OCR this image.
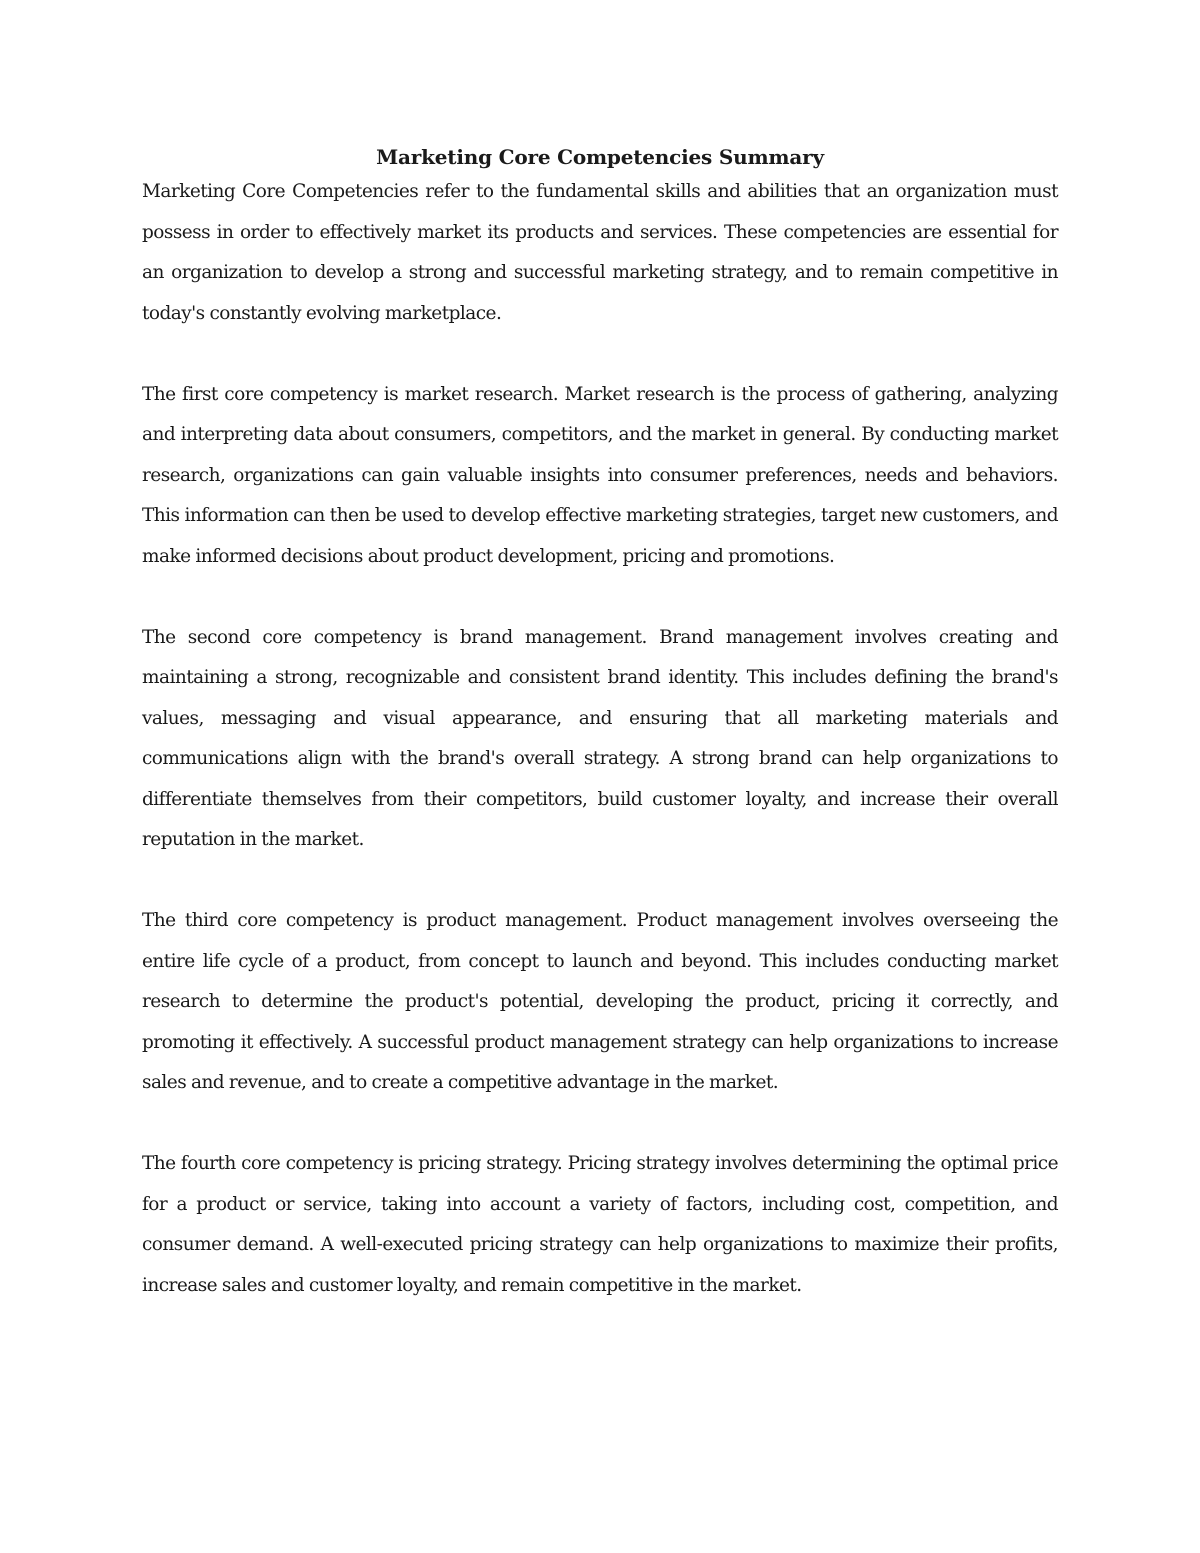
Marketing Core Competencies Summary

Marketing Core Competencies refer to the fundamental skills and abilities that an organization must possess in order to effectively market its products and services. These competencies are essential for an organization to develop a strong and successful marketing strategy, and to remain competitive in today's constantly evolving marketplace.

The first core competency is market research. Market research is the process of gathering, analyzing and interpreting data about consumers, competitors, and the market in general. By conducting market research, organizations can gain valuable insights into consumer preferences, needs and behaviors. This information can then be used to develop effective marketing strategies, target new customers, and make informed decisions about product development, pricing and promotions.

The second core competency is brand management. Brand management involves creating and maintaining a strong, recognizable and consistent brand identity. This includes defining the brand's values, messaging and visual appearance, and ensuring that all marketing materials and communications align with the brand's overall strategy. A strong brand can help organizations to differentiate themselves from their competitors, build customer loyalty, and increase their overall reputation in the market.

The third core competency is product management. Product management involves overseeing the entire life cycle of a product, from concept to launch and beyond. This includes conducting market research to determine the product's potential, developing the product, pricing it correctly, and promoting it effectively. A successful product management strategy can help organizations to increase sales and revenue, and to create a competitive advantage in the market.

The fourth core competency is pricing strategy. Pricing strategy involves determining the optimal price for a product or service, taking into account a variety of factors, including cost, competition, and consumer demand. A well-executed pricing strategy can help organizations to maximize their profits, increase sales and customer loyalty, and remain competitive in the market.
